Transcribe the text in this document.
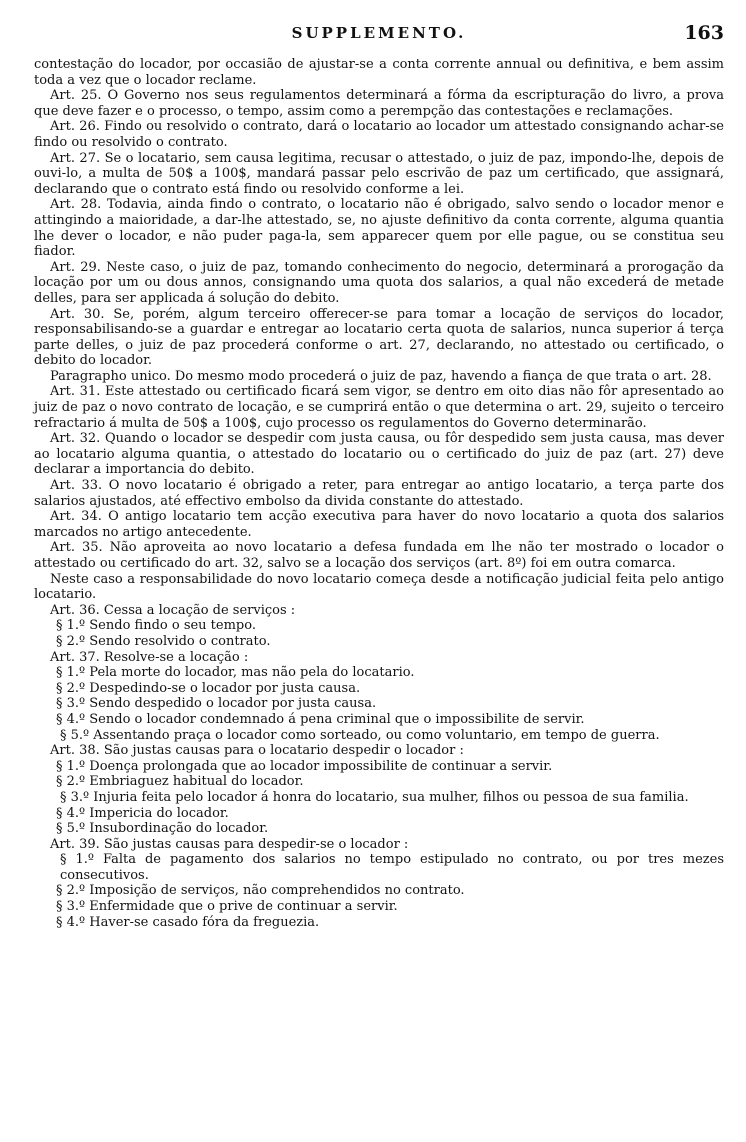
SUPPLEMENTO.	163

contestação do locador, por occasião de ajustar-se a conta corrente annual ou definitiva, e bem assim toda a vez que o locador reclame.

Art. 25. O Governo nos seus regulamentos determinará a fórma da escripturação do livro, a prova que deve fazer e o processo, o tempo, assim como a perempção das contestações e reclamações.

Art. 26. Findo ou resolvido o contrato, dará o locatario ao locador um attestado consignando achar-se findo ou resolvido o contrato.

Art. 27. Se o locatario, sem causa legitima, recusar o attestado, o juiz de paz, impondo-lhe, depois de ouvi-lo, a multa de 50$ a 100$, mandará passar pelo escrivão de paz um certificado, que assignará, declarando que o contrato está findo ou resolvido conforme a lei.

Art. 28. Todavia, ainda findo o contrato, o locatario não é obrigado, salvo sendo o locador menor e attingindo a maioridade, a dar-lhe attestado, se, no ajuste definitivo da conta corrente, alguma quantia lhe dever o locador, e não puder paga-la, sem apparecer quem por elle pague, ou se constitua seu fiador.

Art. 29. Neste caso, o juiz de paz, tomando conhecimento do negocio, determinará a prorogação da locação por um ou dous annos, consignando uma quota dos salarios, a qual não excederá de metade delles, para ser applicada á solução do debito.

Art. 30. Se, porém, algum terceiro offerecer-se para tomar a locação de serviços do locador, responsabilisando-se a guardar e entregar ao locatario certa quota de salarios, nunca superior á terça parte delles, o juiz de paz procederá conforme o art. 27, declarando, no attestado ou certificado, o debito do locador.

Paragrapho unico. Do mesmo modo procederá o juiz de paz, havendo a fiança de que trata o art. 28.

Art. 31. Este attestado ou certificado ficará sem vigor, se dentro em oito dias não fôr apresentado ao juiz de paz o novo contrato de locação, e se cumprirá então o que determina o art. 29, sujeito o terceiro refractario á multa de 50$ a 100$, cujo processo os regulamentos do Governo determinarão.

Art. 32. Quando o locador se despedir com justa causa, ou fôr despedido sem justa causa, mas dever ao locatario alguma quantia, o attestado do locatario ou o certificado do juiz de paz (art. 27) deve declarar a importancia do debito.

Art. 33. O novo locatario é obrigado a reter, para entregar ao antigo locatario, a terça parte dos salarios ajustados, até effectivo embolso da divida constante do attestado.

Art. 34. O antigo locatario tem acção executiva para haver do novo locatario a quota dos salarios marcados no artigo antecedente.

Art. 35. Não aproveita ao novo locatario a defesa fundada em lhe não ter mostrado o locador o attestado ou certificado do art. 32, salvo se a locação dos serviços (art. 8º) foi em outra comarca.

Neste caso a responsabilidade do novo locatario começa desde a notificação judicial feita pelo antigo locatario.

Art. 36. Cessa a locação de serviços :

§ 1.º Sendo findo o seu tempo.

§ 2.º Sendo resolvido o contrato.

Art. 37. Resolve-se a locação :

§ 1.º Pela morte do locador, mas não pela do locatario.

§ 2.º Despedindo-se o locador por justa causa.

§ 3.º Sendo despedido o locador por justa causa.

§ 4.º Sendo o locador condemnado á pena criminal que o impossibilite de servir.

§ 5.º Assentando praça o locador como sorteado, ou como voluntario, em tempo de guerra.

Art. 38. São justas causas para o locatario despedir o locador :

§ 1.º Doença prolongada que ao locador impossibilite de continuar a servir.

§ 2.º Embriaguez habitual do locador.

§ 3.º Injuria feita pelo locador á honra do locatario, sua mulher, filhos ou pessoa de sua familia.

§ 4.º Impericia do locador.

§ 5.º Insubordinação do locador.

Art. 39. São justas causas para despedir-se o locador :

§ 1.º Falta de pagamento dos salarios no tempo estipulado no contrato, ou por tres mezes consecutivos.

§ 2.º Imposição de serviços, não comprehendidos no contrato.

§ 3.º Enfermidade que o prive de continuar a servir.

§ 4.º Haver-se casado fóra da freguezia.
